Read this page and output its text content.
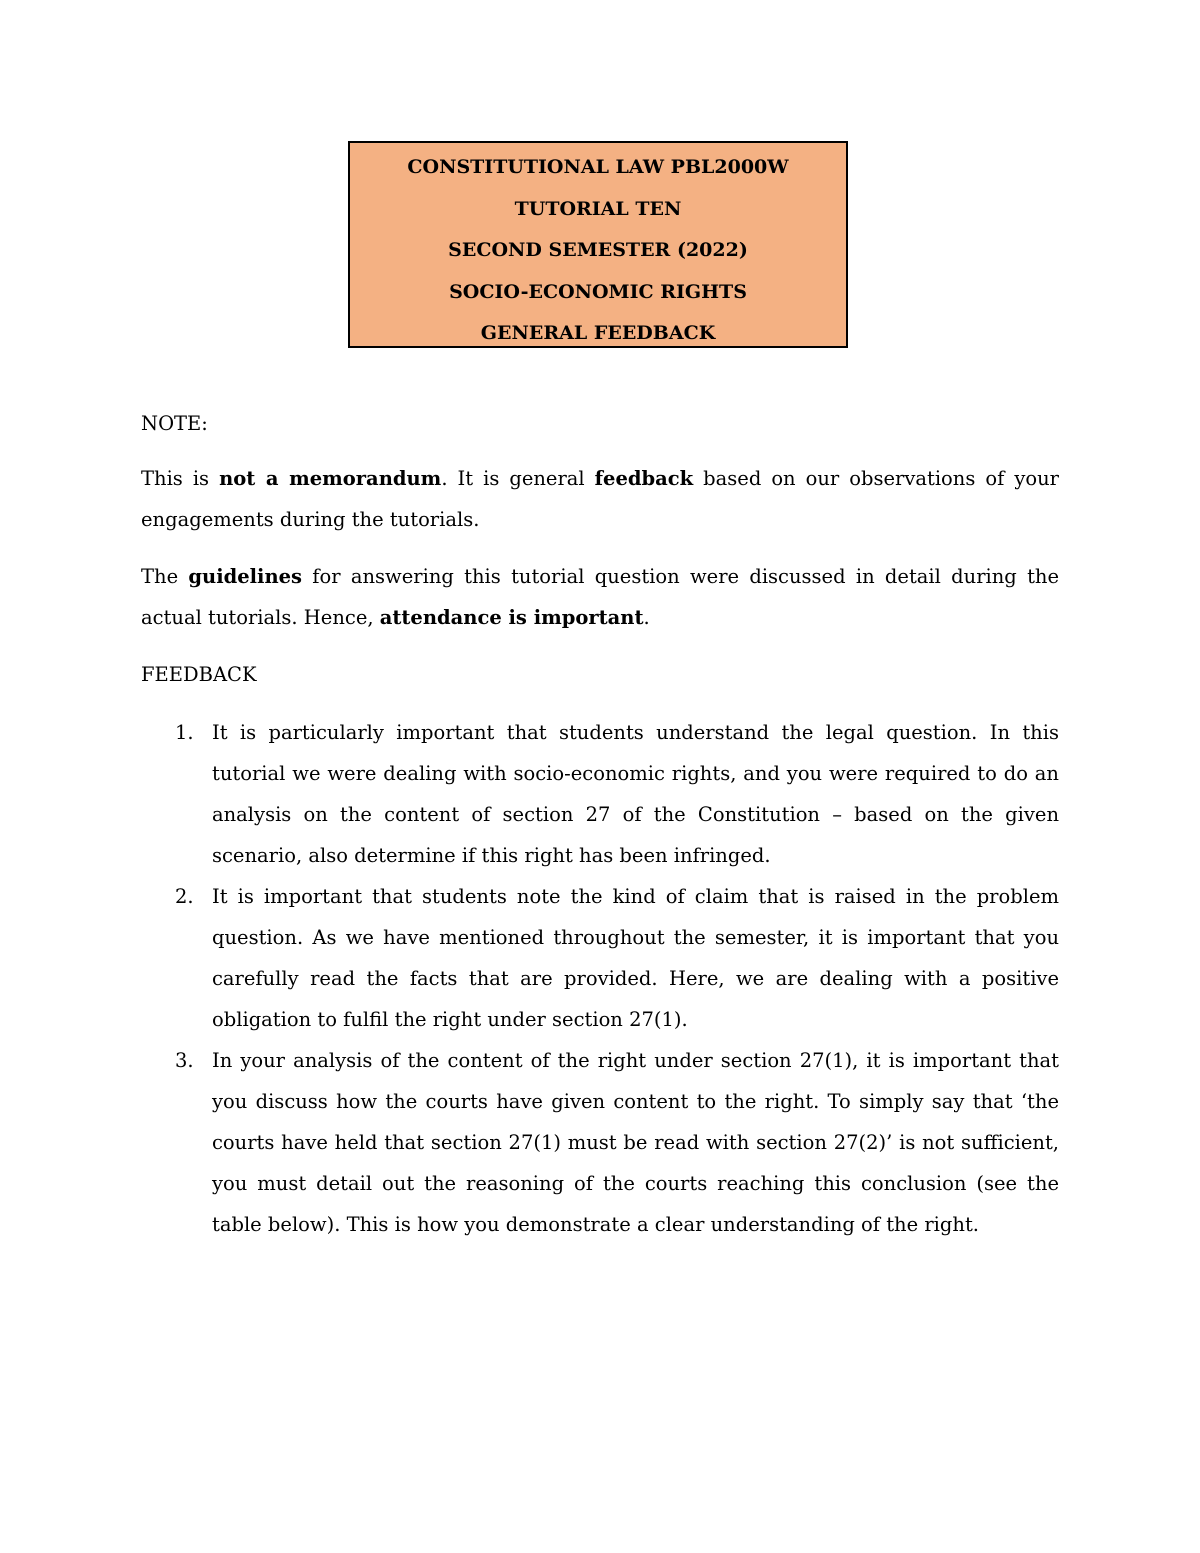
CONSTITUTIONAL LAW PBL2000W
TUTORIAL TEN
SECOND SEMESTER (2022)
SOCIO-ECONOMIC RIGHTS
GENERAL FEEDBACK
NOTE:
This is not a memorandum. It is general feedback based on our observations of your engagements during the tutorials.
The guidelines for answering this tutorial question were discussed in detail during the actual tutorials. Hence, attendance is important.
FEEDBACK
1. It is particularly important that students understand the legal question. In this tutorial we were dealing with socio-economic rights, and you were required to do an analysis on the content of section 27 of the Constitution – based on the given scenario, also determine if this right has been infringed.
2. It is important that students note the kind of claim that is raised in the problem question. As we have mentioned throughout the semester, it is important that you carefully read the facts that are provided. Here, we are dealing with a positive obligation to fulfil the right under section 27(1).
3. In your analysis of the content of the right under section 27(1), it is important that you discuss how the courts have given content to the right. To simply say that ‘the courts have held that section 27(1) must be read with section 27(2)’ is not sufficient, you must detail out the reasoning of the courts reaching this conclusion (see the table below). This is how you demonstrate a clear understanding of the right.
